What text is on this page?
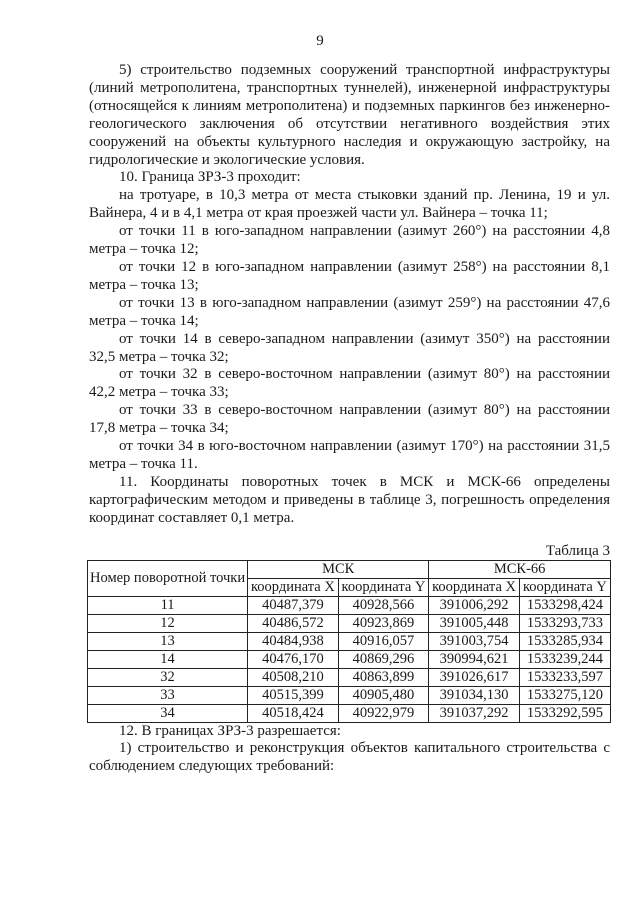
9

5) строительство подземных сооружений транспортной инфраструктуры (линий метрополитена, транспортных туннелей), инженерной инфраструктуры (относящейся к линиям метрополитена) и подземных паркингов без инженерно-геологического заключения об отсутствии негативного воздействия этих сооружений на объекты культурного наследия и окружающую застройку, на гидрологические и экологические условия.

10. Граница ЗРЗ-3 проходит:

на тротуаре, в 10,3 метра от места стыковки зданий пр. Ленина, 19 и ул. Вайнера, 4 и в 4,1 метра от края проезжей части ул. Вайнера – точка 11;

от точки 11 в юго-западном направлении (азимут 260°) на расстоянии 4,8 метра – точка 12;

от точки 12 в юго-западном направлении (азимут 258°) на расстоянии 8,1 метра – точка 13;

от точки 13 в юго-западном направлении (азимут 259°) на расстоянии 47,6 метра – точка 14;

от точки 14 в северо-западном направлении (азимут 350°) на расстоянии 32,5 метра – точка 32;

от точки 32 в северо-восточном направлении (азимут 80°) на расстоянии 42,2 метра – точка 33;

от точки 33 в северо-восточном направлении (азимут 80°) на расстоянии 17,8 метра – точка 34;

от точки 34 в юго-восточном направлении (азимут 170°) на расстоянии 31,5 метра – точка 11.

11. Координаты поворотных точек в МСК и МСК-66 определены картографическим методом и приведены в таблице 3, погрешность определения координат составляет 0,1 метра.

Таблица 3
Номер поворотной точки	МСК		МСК-66	
	координата X	координата Y	координата X	координата Y
11	40487,379	40928,566	391006,292	1533298,424
12	40486,572	40923,869	391005,448	1533293,733
13	40484,938	40916,057	391003,754	1533285,934
14	40476,170	40869,296	390994,621	1533239,244
32	40508,210	40863,899	391026,617	1533233,597
33	40515,399	40905,480	391034,130	1533275,120
34	40518,424	40922,979	391037,292	1533292,595

12. В границах ЗРЗ-3 разрешается:

1) строительство и реконструкция объектов капитального строительства с соблюдением следующих требований:
